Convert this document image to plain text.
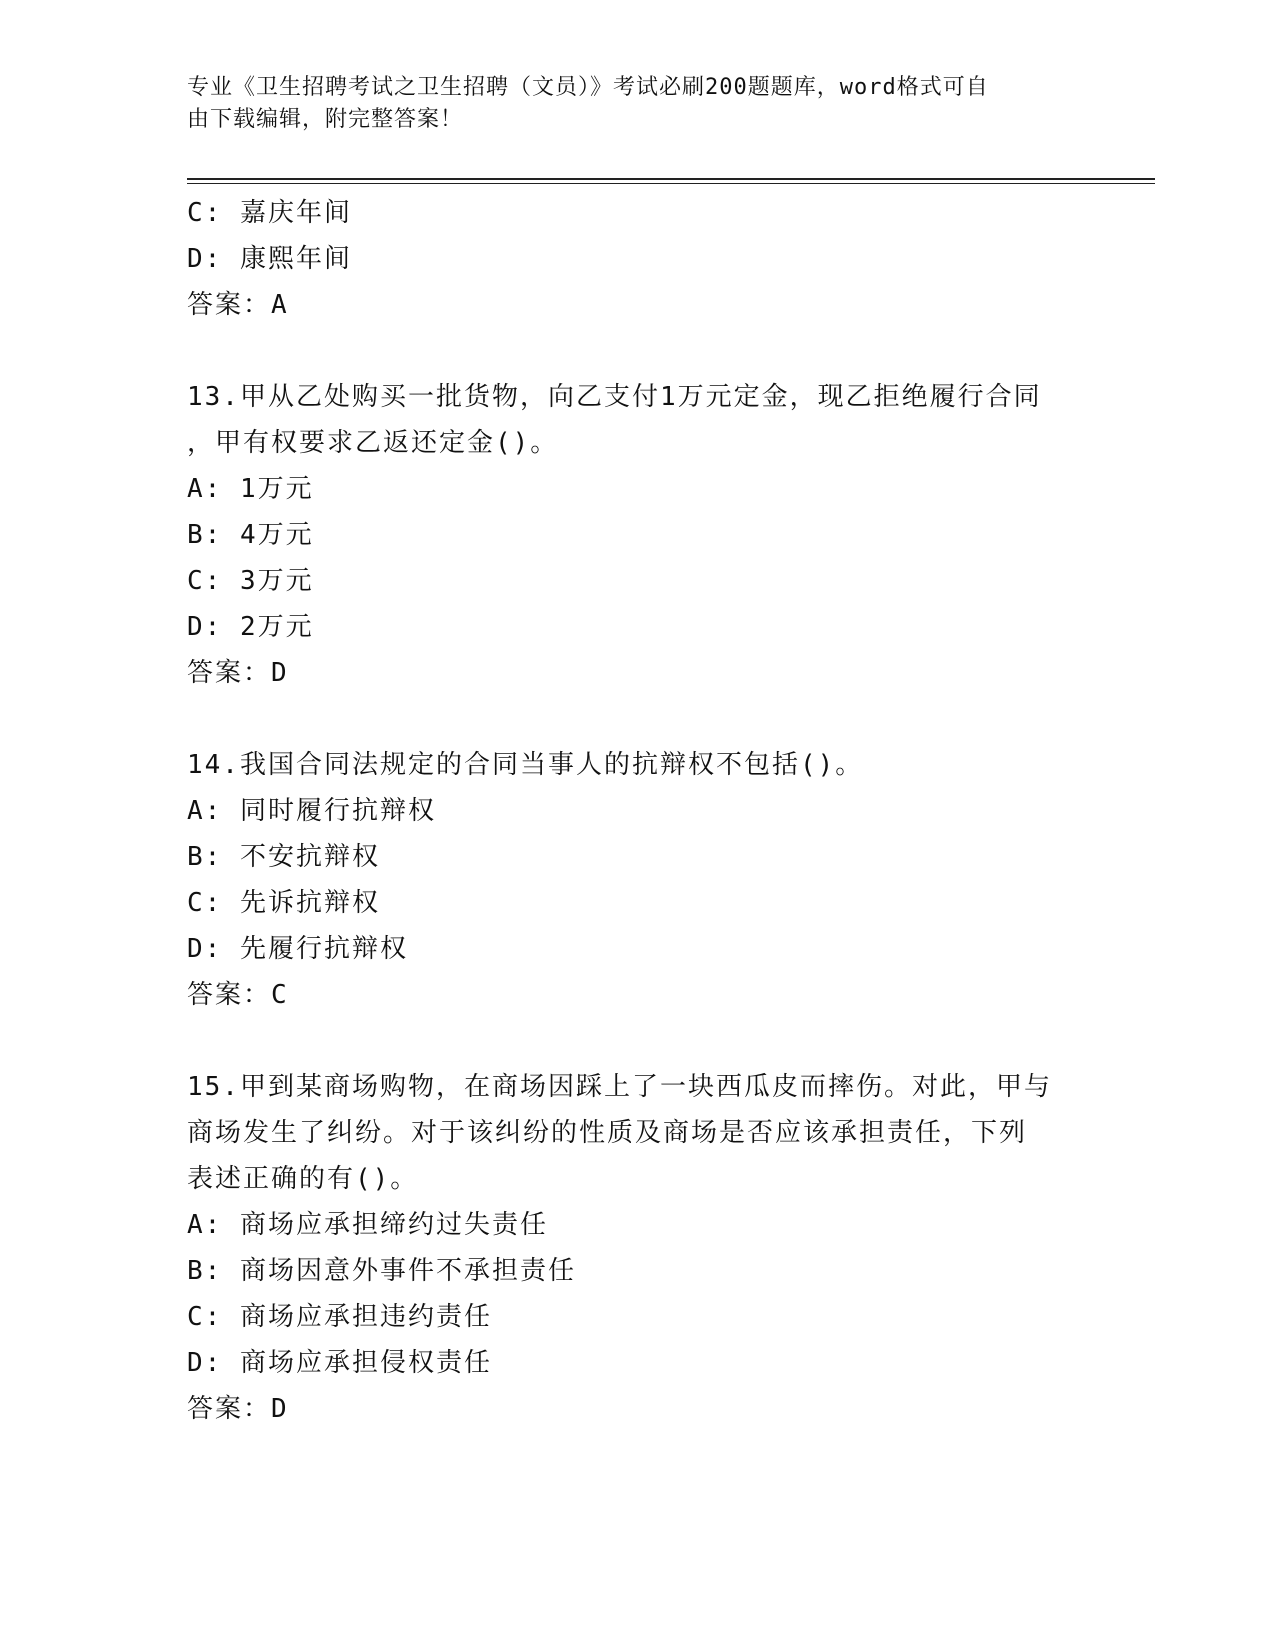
专业《卫生招聘考试之卫生招聘（文员）》考试必刷200题题库，word格式可自
由下载编辑，附完整答案！
C: 嘉庆年间
D: 康熙年间
答案：A
13.甲从乙处购买一批货物，向乙支付1万元定金，现乙拒绝履行合同
，甲有权要求乙返还定金()。
A: 1万元
B: 4万元
C: 3万元
D: 2万元
答案：D
14.我国合同法规定的合同当事人的抗辩权不包括()。
A: 同时履行抗辩权
B: 不安抗辩权
C: 先诉抗辩权
D: 先履行抗辩权
答案：C
15.甲到某商场购物，在商场因踩上了一块西瓜皮而摔伤。对此，甲与
商场发生了纠纷。对于该纠纷的性质及商场是否应该承担责任，下列
表述正确的有()。
A: 商场应承担缔约过失责任
B: 商场因意外事件不承担责任
C: 商场应承担违约责任
D: 商场应承担侵权责任
答案：D
